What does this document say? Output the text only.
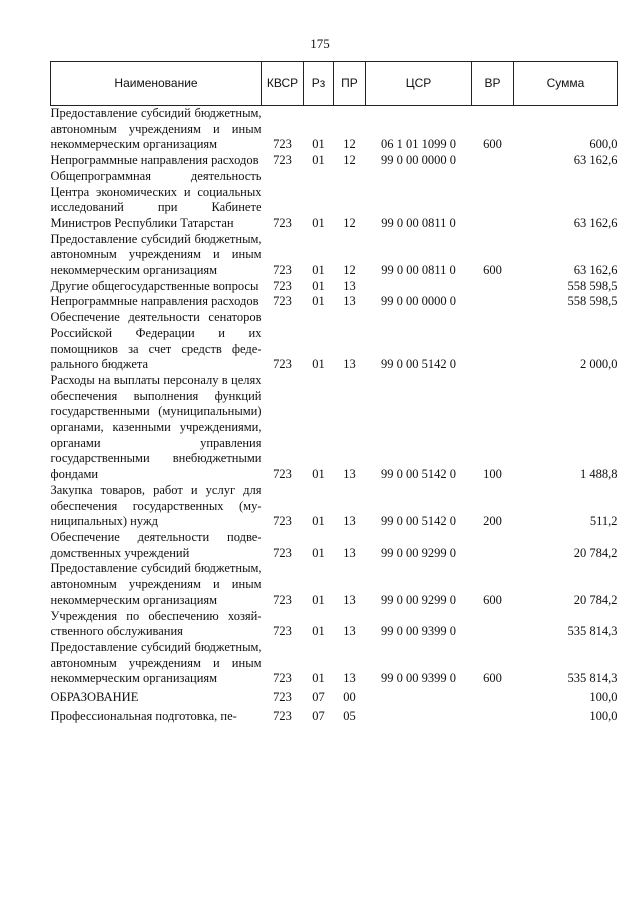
175
Наименование	КВСР	Рз	ПР	ЦСР	ВР	Сумма
Предоставление субсидий бюджетным, автономным учреждениям и иным некоммерческим организациям	723	01	12	06 1 01 1099 0	600	600,0
Непрограммные направления расходов	723	01	12	99 0 00 0000 0		63 162,6
Общепрограммная деятельность Центра экономических и социальных исследований при Кабинете Министров Республики Татарстан	723	01	12	99 0 00 0811 0		63 162,6
Предоставление субсидий бюджетным, автономным учреждениям и иным некоммерческим организациям	723	01	12	99 0 00 0811 0	600	63 162,6
Другие общегосударственные вопросы	723	01	13			558 598,5
Непрограммные направления расходов	723	01	13	99 0 00 0000 0		558 598,5
Обеспечение деятельности сенаторов Российской Федерации и их помощников за счет средств федерального бюджета	723	01	13	99 0 00 5142 0		2 000,0
Расходы на выплаты персоналу в целях обеспечения выполнения функций государственными (муниципальными) органами, казенными учреждениями, органами управления государственными внебюджетными фондами	723	01	13	99 0 00 5142 0	100	1 488,8
Закупка товаров, работ и услуг для обеспечения государственных (муниципальных) нужд	723	01	13	99 0 00 5142 0	200	511,2
Обеспечение деятельности подведомственных учреждений	723	01	13	99 0 00 9299 0		20 784,2
Предоставление субсидий бюджетным, автономным учреждениям и иным некоммерческим организациям	723	01	13	99 0 00 9299 0	600	20 784,2
Учреждения по обеспечению хозяйственного обслуживания	723	01	13	99 0 00 9399 0		535 814,3
Предоставление субсидий бюджетным, автономным учреждениям и иным некоммерческим организациям	723	01	13	99 0 00 9399 0	600	535 814,3
ОБРАЗОВАНИЕ	723	07	00			100,0
Профессиональная подготовка, пе-	723	07	05			100,0
